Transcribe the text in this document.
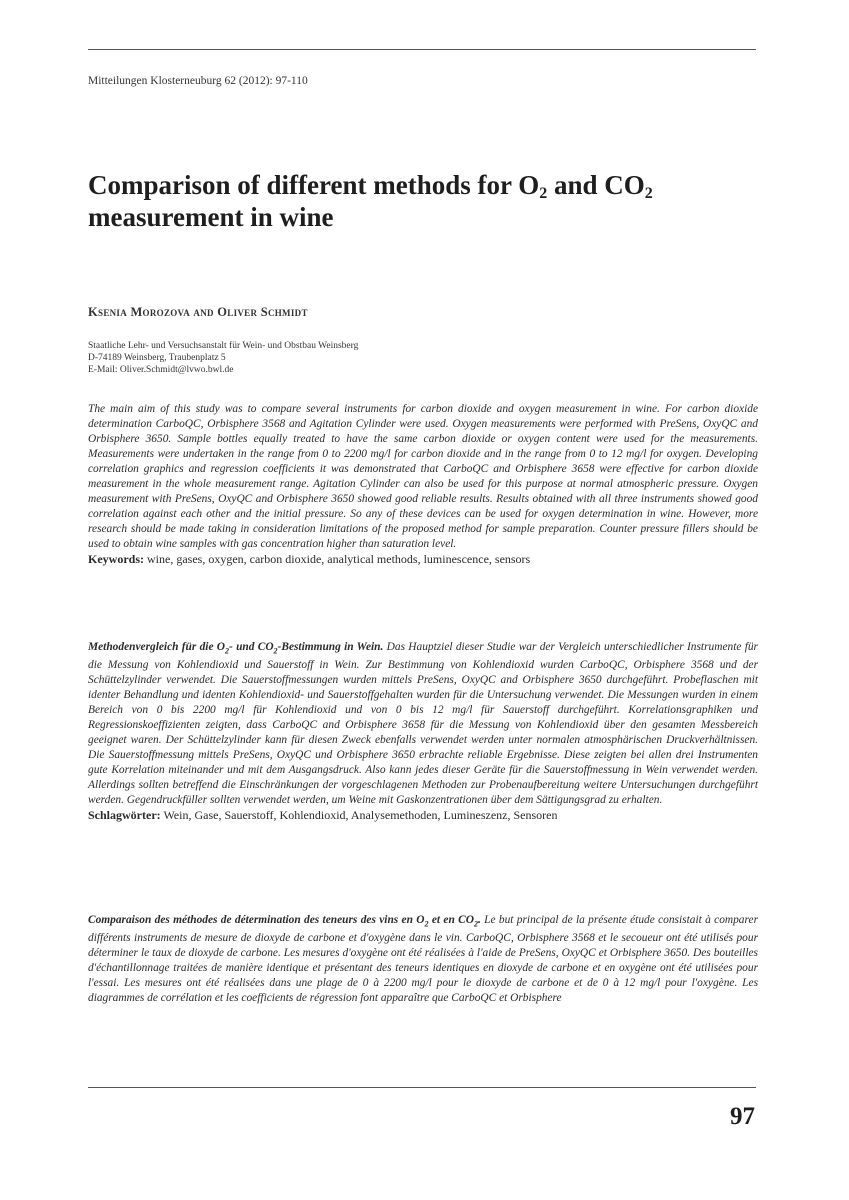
Mitteilungen Klosterneuburg 62 (2012): 97-110
Comparison of different methods for $O_2$ and $CO_2$
measurement in wine
Ksenia Morozova and Oliver Schmidt
Staatliche Lehr- und Versuchsanstalt für Wein- und Obstbau Weinsberg
D-74189 Weinsberg, Traubenplatz 5
E-Mail: Oliver.Schmidt@lvwo.bwl.de
The main aim of this study was to compare several instruments for carbon dioxide and oxygen measurement in wine. For carbon dioxide determination CarboQC, Orbisphere 3568 and Agitation Cylinder were used. Oxygen measurements were performed with PreSens, OxyQC and Orbisphere 3650. Sample bottles equally treated to have the same carbon dioxide or oxygen content were used for the measurements. Measurements were undertaken in the range from 0 to 2200 mg/l for carbon dioxide and in the range from 0 to 12 mg/l for oxygen. Developing correlation graphics and regression coefficients it was demonstrated that CarboQC and Orbisphere 3658 were effective for carbon dioxide measurement in the whole measurement range. Agitation Cylinder can also be used for this purpose at normal atmospheric pressure. Oxygen measurement with PreSens, OxyQC and Orbisphere 3650 showed good reliable results. Results obtained with all three instruments showed good correlation against each other and the initial pressure. So any of these devices can be used for oxygen determination in wine. However, more research should be made taking in consideration limitations of the proposed method for sample preparation. Counter pressure fillers should be used to obtain wine samples with gas concentration higher than saturation level.
Keywords: wine, gases, oxygen, carbon dioxide, analytical methods, luminescence, sensors
Methodenvergleich für die $O_2-$ und $CO_2$-Bestimmung in Wein. Das Hauptziel dieser Studie war der Vergleich unterschiedlicher Instrumente für die Messung von Kohlendioxid und Sauerstoff in Wein. Zur Bestimmung von Kohlendioxid wurden CarboQC, Orbisphere 3568 und der Schüttelzylinder verwendet. Die Sauerstoffmessungen wurden mittels PreSens, OxyQC and Orbisphere 3650 durchgeführt. Probeflaschen mit identer Behandlung und identen Kohlendioxid- und Sauerstoffgehalten wurden für die Untersuchung verwendet. Die Messungen wurden in einem Bereich von 0 bis 2200 mg/l für Kohlendioxid und von 0 bis 12 mg/l für Sauerstoff durchgeführt. Korrelationsgraphiken und Regressionskoeffizienten zeigten, dass CarboQC and Orbisphere 3658 für die Messung von Kohlendioxid über den gesamten Messbereich geeignet waren. Der Schüttelzylinder kann für diesen Zweck ebenfalls verwendet werden unter normalen atmosphärischen Druckverhältnissen. Die Sauerstoffmessung mittels PreSens, OxyQC und Orbisphere 3650 erbrachte reliable Ergebnisse. Diese zeigten bei allen drei Instrumenten gute Korrelation miteinander und mit dem Ausgangsdruck. Also kann jedes dieser Geräte für die Sauerstoffmessung in Wein verwendet werden. Allerdings sollten betreffend die Einschränkungen der vorgeschlagenen Methoden zur Probenaufbereitung weitere Untersuchungen durchgeführt werden. Gegendruckfüller sollten verwendet werden, um Weine mit Gaskonzentrationen über dem Sättigungsgrad zu erhalten.
Schlagwörter: Wein, Gase, Sauerstoff, Kohlendioxid, Analysemethoden, Lumineszenz, Sensoren
Comparaison des méthodes de détermination des teneurs des vins en $O_2$ et en $CO_2$. Le but principal de la présente étude consistait à comparer différents instruments de mesure de dioxyde de carbone et d'oxygène dans le vin. CarboQC, Orbisphere 3568 et le secoueur ont été utilisés pour déterminer le taux de dioxyde de carbone. Les mesures d'oxygène ont été réalisées à l'aide de PreSens, OxyQC et Orbisphere 3650. Des bouteilles d'échantillonnage traitées de manière identique et présentant des teneurs identiques en dioxyde de carbone et en oxygène ont été utilisées pour l'essai. Les mesures ont été réalisées dans une plage de 0 à 2200 mg/l pour le dioxyde de carbone et de 0 à 12 mg/l pour l'oxygène. Les diagrammes de corrélation et les coefficients de régression font apparaître que CarboQC et Orbisphere
97
